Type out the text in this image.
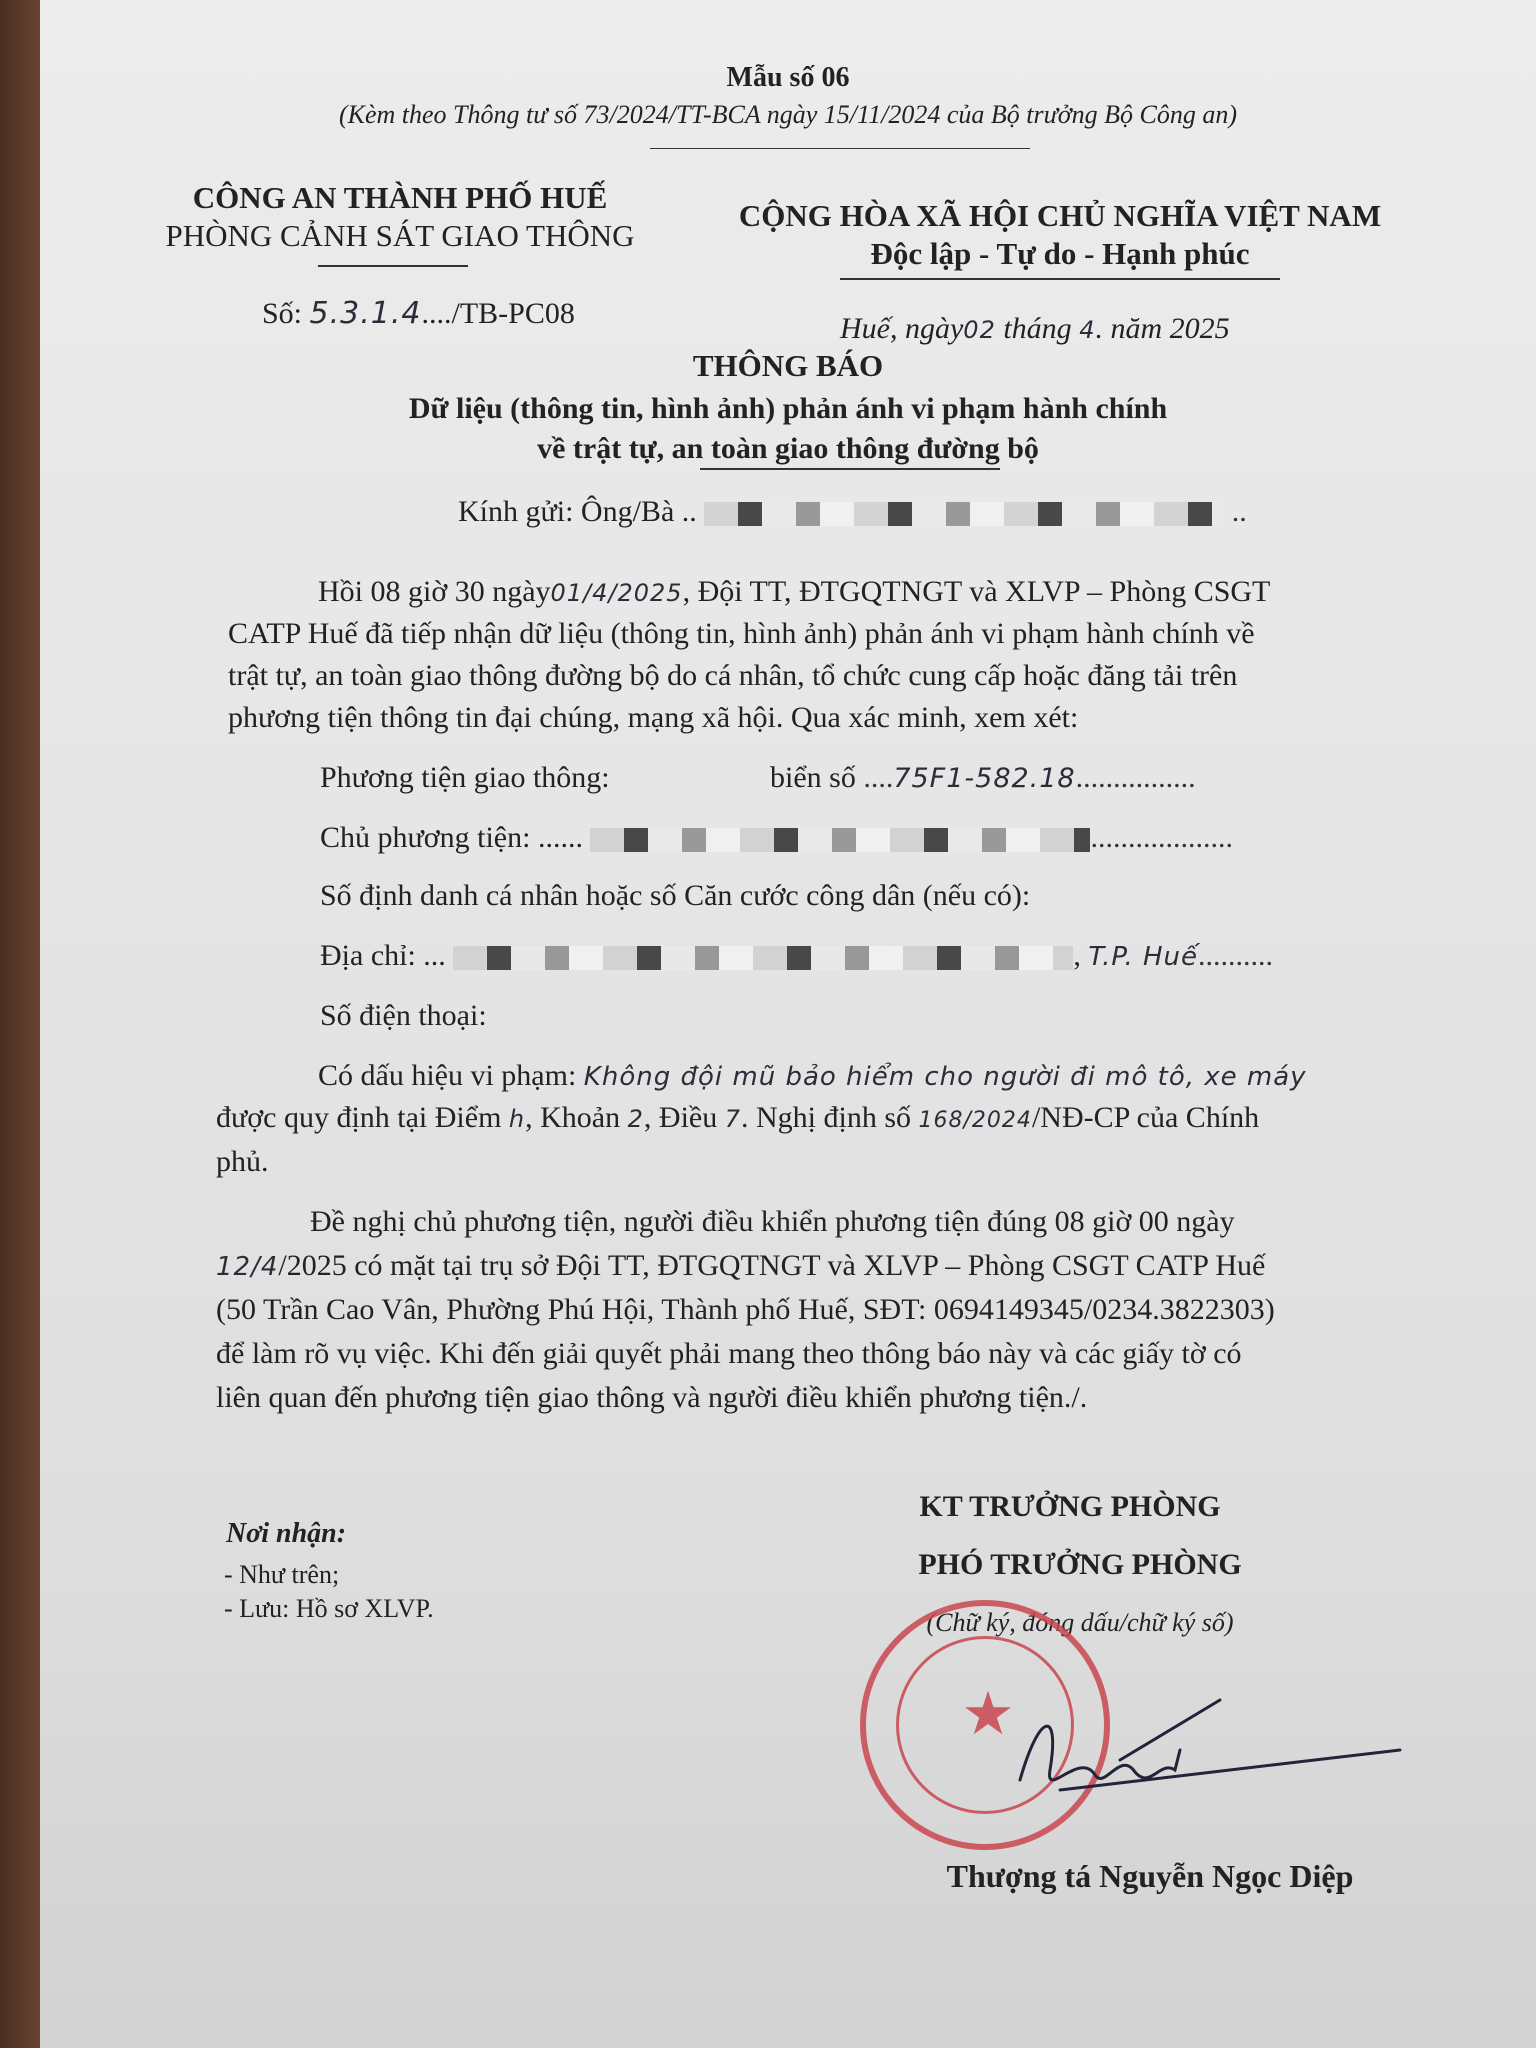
Mẫu số 06
(Kèm theo Thông tư số 73/2024/TT-BCA ngày 15/11/2024 của Bộ trưởng Bộ Công an)
CÔNG AN THÀNH PHỐ HUẾ
PHÒNG CẢNH SÁT GIAO THÔNG
Số: 5.3.1.4..../TB-PC08
CỘNG HÒA XÃ HỘI CHỦ NGHĨA VIỆT NAM
Độc lập - Tự do - Hạnh phúc
Huế, ngày02 tháng 4. năm 2025
THÔNG BÁO
Dữ liệu (thông tin, hình ảnh) phản ánh vi phạm hành chính
về trật tự, an toàn giao thông đường bộ
Kính gửi: Ông/Bà ..	..
Hồi 08 giờ 30 ngày01/4/2025, Đội TT, ĐTGQTNGT và XLVP – Phòng CSGT
CATP Huế đã tiếp nhận dữ liệu (thông tin, hình ảnh) phản ánh vi phạm hành chính về
trật tự, an toàn giao thông đường bộ do cá nhân, tổ chức cung cấp hoặc đăng tải trên
phương tiện thông tin đại chúng, mạng xã hội. Qua xác minh, xem xét:
Phương tiện giao thông:	biển số ....75F1-582.18................
Chủ phương tiện: ......	...................
Số định danh cá nhân hoặc số Căn cước công dân (nếu có):
Địa chỉ: ...	, T.P. Huế..........
Số điện thoại:
Có dấu hiệu vi phạm: Không đội mũ bảo hiểm cho người đi mô tô, xe máy
được quy định tại Điểm h, Khoản 2, Điều 7. Nghị định số 168/2024/NĐ-CP của Chính
phủ.
Đề nghị chủ phương tiện, người điều khiển phương tiện đúng 08 giờ 00 ngày
12/4/2025 có mặt tại trụ sở Đội TT, ĐTGQTNGT và XLVP – Phòng CSGT CATP Huế
(50 Trần Cao Vân, Phường Phú Hội, Thành phố Huế, SĐT: 0694149345/0234.3822303)
để làm rõ vụ việc. Khi đến giải quyết phải mang theo thông báo này và các giấy tờ có
liên quan đến phương tiện giao thông và người điều khiển phương tiện./.
Nơi nhận:
- Như trên;
- Lưu: Hồ sơ XLVP.
KT TRƯỞNG PHÒNG
PHÓ TRƯỞNG PHÒNG
(Chữ ký, đóng dấu/chữ ký số)
★
Thượng tá Nguyễn Ngọc Diệp
